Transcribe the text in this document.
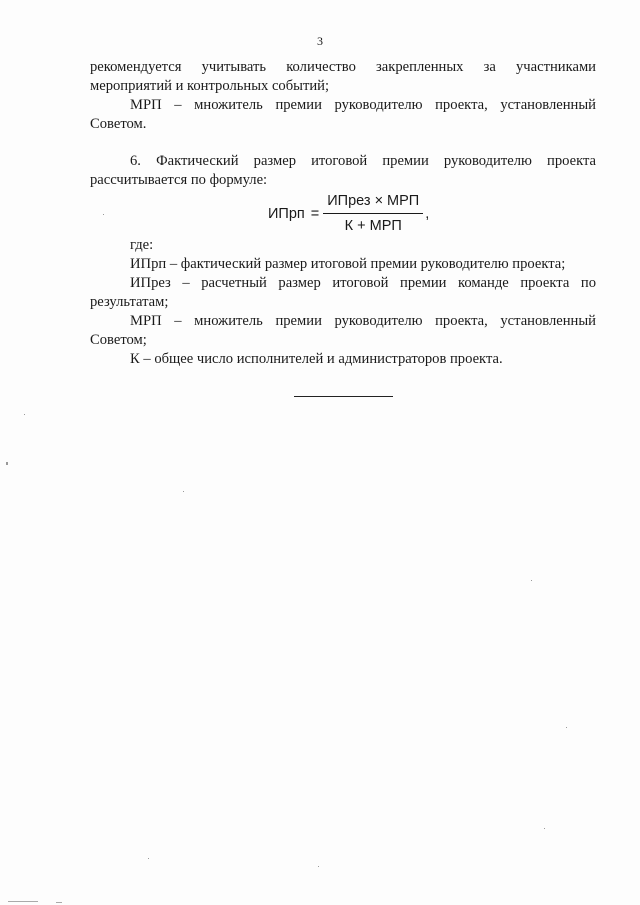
3

рекомендуется учитывать количество закрепленных за участниками
мероприятий и контрольных событий;

МРП – множитель премии руководителю проекта, установленный
Советом.

6. Фактический размер итоговой премии руководителю проекта
рассчитывается по формуле:

ИПрп = $\frac{\text{ИПрез × МРП}}{\text{К + МРП}}$ ,

где:

ИПрп – фактический размер итоговой премии руководителю проекта;

ИПрез – расчетный размер итоговой премии команде проекта по
результатам;

МРП – множитель премии руководителю проекта, установленный
Советом;

К – общее число исполнителей и администраторов проекта.
